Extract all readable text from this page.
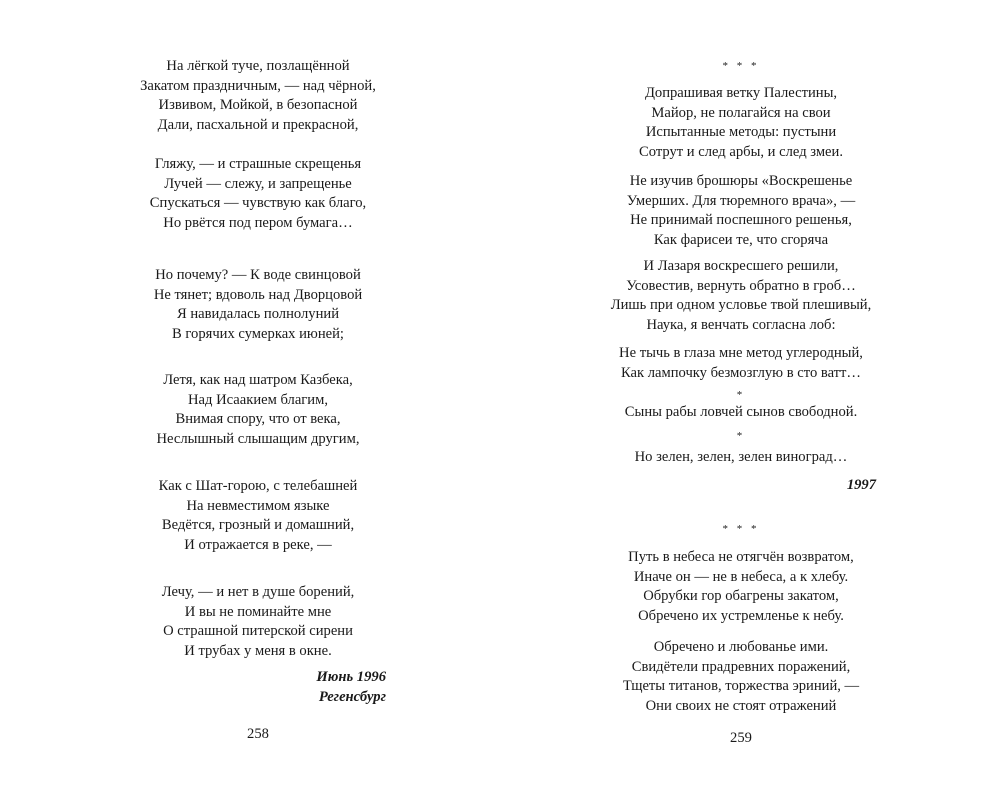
На лёгкой туче, позлащённой
Закатом праздничным, — над чёрной,
Извивом, Мойкой, в безопасной
Дали, пасхальной и прекрасной,
Гляжу, — и страшные скрещенья
Лучей — слежу, и запрещенье
Спускаться — чувствую как благо,
Но рвётся под пером бумага…
Но почему? — К воде свинцовой
Не тянет; вдоволь над Дворцовой
Я навидалась полнолуний
В горячих сумерках июней;
Летя, как над шатром Казбека,
Над Исаакием благим,
Внимая спору, что от века,
Неслышный слышащим другим,
Как с Шат-горою, с телебашней
На невместимом языке
Ведётся, грозный и домашний,
И отражается в реке, —
Лечу, — и нет в душе борений,
И вы не поминайте мне
О страшной питерской сирени
И трубах у меня в окне.
Июнь 1996
Регенсбург
258
* * *
Допрашивая ветку Палестины,
Майор, не полагайся на свои
Испытанные методы: пустыни
Сотрут и след арбы, и след змеи.
Не изучив брошюры «Воскрешенье
Умерших. Для тюремного врача», —
Не принимай поспешного решенья,
Как фарисеи те, что сгоряча
И Лазаря воскресшего решили,
Усовестив, вернуть обратно в гроб…
Лишь при одном условье твой плешивый,
Наука, я венчать согласна лоб:
Не тычь в глаза мне метод углеродный,
Как лампочку безмозглую в сто ватт…
*
Сыны рабы ловчей сынов свободной.
*
Но зелен, зелен, зелен виноград…
1997
* * *
Путь в небеса не отягчён возвратом,
Иначе он — не в небеса, а к хлебу.
Обрубки гор обагрены закатом,
Обречено их устремленье к небу.
Обречено и любованье ими.
Свидётели прадревних поражений,
Тщеты титанов, торжества эриний, —
Они своих не стоят отражений
259
